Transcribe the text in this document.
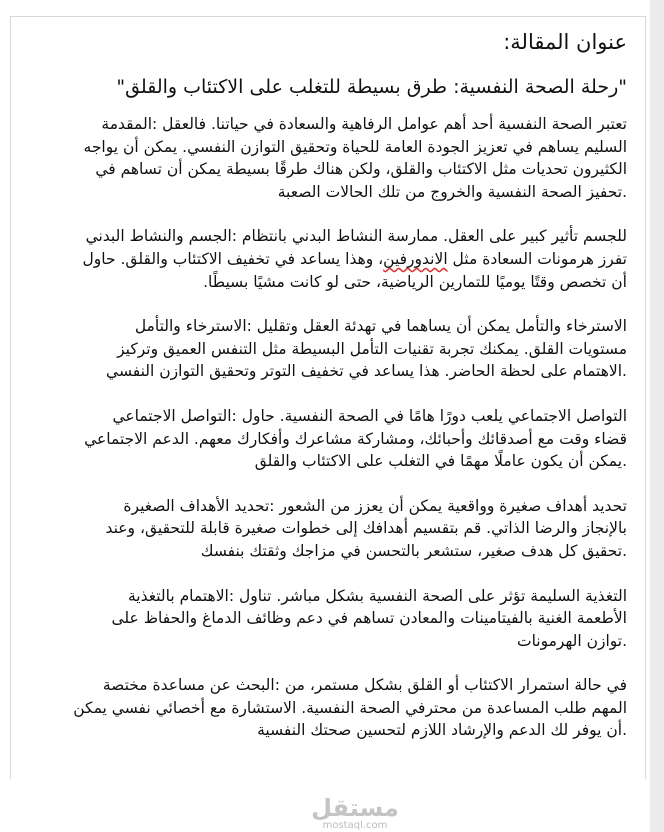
عنوان المقالة:
"رحلة الصحة النفسية: طرق بسيطة للتغلب على الاكتئاب والقلق"
تعتبر الصحة النفسية أحد أهم عوامل الرفاهية والسعادة في حياتنا. فالعقل :المقدمة
السليم يساهم في تعزيز الجودة العامة للحياة وتحقيق التوازن النفسي. يمكن أن يواجه
الكثيرون تحديات مثل الاكتئاب والقلق، ولكن هناك طرقًا بسيطة يمكن أن تساهم في
.تحفيز الصحة النفسية والخروج من تلك الحالات الصعبة
للجسم تأثير كبير على العقل. ممارسة النشاط البدني بانتظام :الجسم والنشاط البدني
تفرز هرمونات السعادة مثل الاندورفين، وهذا يساعد في تخفيف الاكتئاب والقلق. حاول
أن تخصص وقتًا يوميًا للتمارين الرياضية، حتى لو كانت مشيًا بسيطًا.
الاسترخاء والتأمل يمكن أن يساهما في تهدئة العقل وتقليل :الاسترخاء والتأمل
مستويات القلق. يمكنك تجربة تقنيات التأمل البسيطة مثل التنفس العميق وتركيز
.الاهتمام على لحظة الحاضر. هذا يساعد في تخفيف التوتر وتحقيق التوازن النفسي
التواصل الاجتماعي يلعب دورًا هامًا في الصحة النفسية. حاول :التواصل الاجتماعي
قضاء وقت مع أصدقائك وأحبائك، ومشاركة مشاعرك وأفكارك معهم. الدعم الاجتماعي
.يمكن أن يكون عاملًا مهمًا في التغلب على الاكتئاب والقلق
تحديد أهداف صغيرة وواقعية يمكن أن يعزز من الشعور :تحديد الأهداف الصغيرة
بالإنجاز والرضا الذاتي. قم بتقسيم أهدافك إلى خطوات صغيرة قابلة للتحقيق، وعند
.تحقيق كل هدف صغير، ستشعر بالتحسن في مزاجك وثقتك بنفسك
التغذية السليمة تؤثر على الصحة النفسية بشكل مباشر. تناول :الاهتمام بالتغذية
الأطعمة الغنية بالفيتامينات والمعادن تساهم في دعم وظائف الدماغ والحفاظ على
.توازن الهرمونات
في حالة استمرار الاكتئاب أو القلق بشكل مستمر، من :البحث عن مساعدة مختصة
المهم طلب المساعدة من محترفي الصحة النفسية. الاستشارة مع أخصائي نفسي يمكن
.أن يوفر لك الدعم والإرشاد اللازم لتحسين صحتك النفسية
مستقل
mostaql.com
